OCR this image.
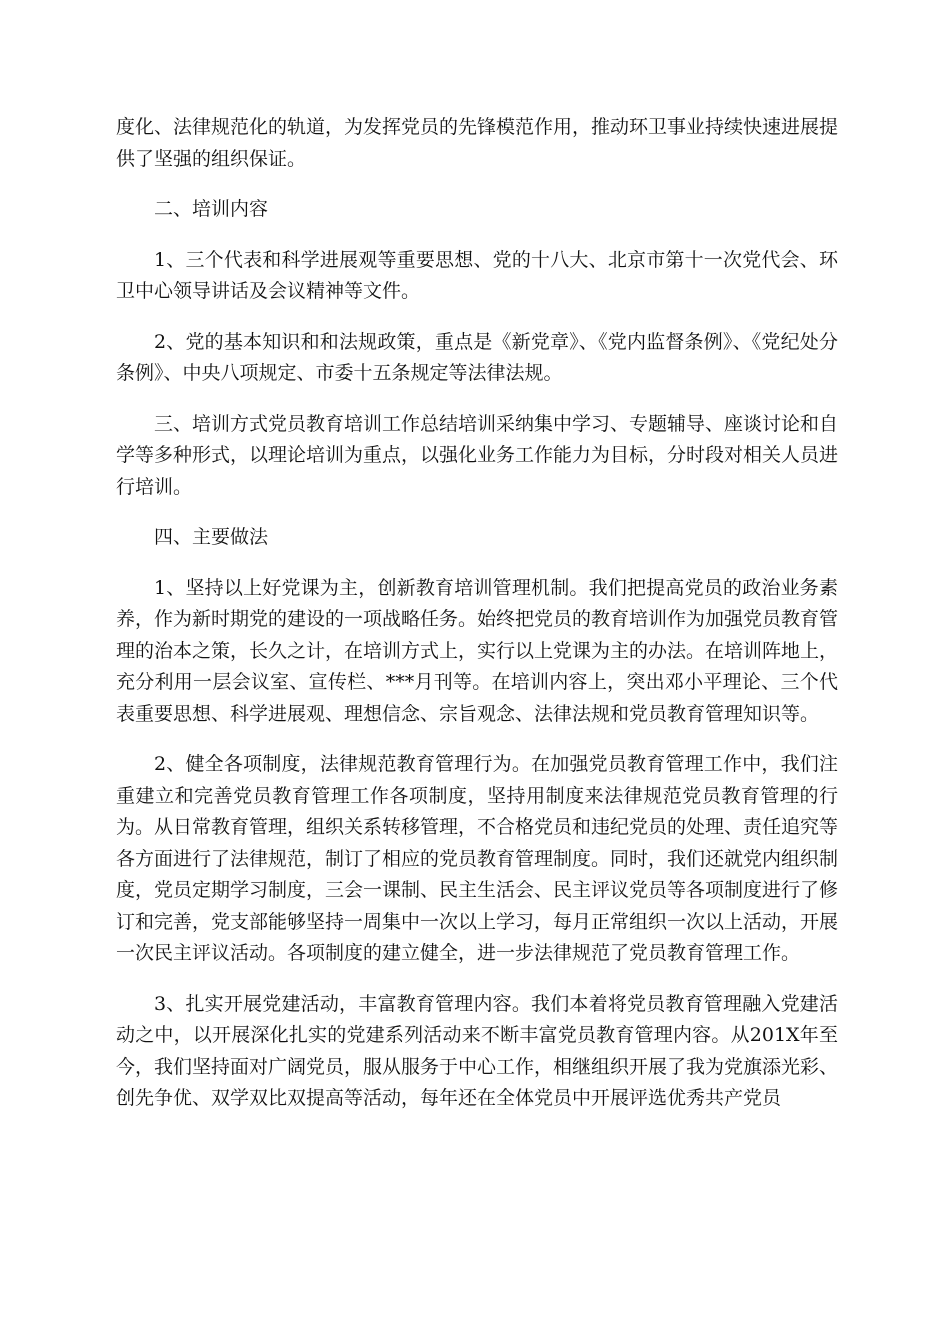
度化、法律规范化的轨道，为发挥党员的先锋模范作用，推动环卫事业持续快速进展提供了坚强的组织保证。

二、培训内容

1、三个代表和科学进展观等重要思想、党的十八大、北京市第十一次党代会、环卫中心领导讲话及会议精神等文件。

2、党的基本知识和和法规政策，重点是《新党章》、《党内监督条例》、《党纪处分条例》、中央八项规定、市委十五条规定等法律法规。

三、培训方式党员教育培训工作总结培训采纳集中学习、专题辅导、座谈讨论和自学等多种形式，以理论培训为重点，以强化业务工作能力为目标，分时段对相关人员进行培训。

四、主要做法

1、坚持以上好党课为主，创新教育培训管理机制。我们把提高党员的政治业务素养，作为新时期党的建设的一项战略任务。始终把党员的教育培训作为加强党员教育管理的治本之策，长久之计，在培训方式上，实行以上党课为主的办法。在培训阵地上，充分利用一层会议室、宣传栏、***月刊等。在培训内容上，突出邓小平理论、三个代表重要思想、科学进展观、理想信念、宗旨观念、法律法规和党员教育管理知识等。

2、健全各项制度，法律规范教育管理行为。在加强党员教育管理工作中，我们注重建立和完善党员教育管理工作各项制度，坚持用制度来法律规范党员教育管理的行为。从日常教育管理，组织关系转移管理，不合格党员和违纪党员的处理、责任追究等各方面进行了法律规范，制订了相应的党员教育管理制度。同时，我们还就党内组织制度，党员定期学习制度，三会一课制、民主生活会、民主评议党员等各项制度进行了修订和完善，党支部能够坚持一周集中一次以上学习，每月正常组织一次以上活动，开展一次民主评议活动。各项制度的建立健全，进一步法律规范了党员教育管理工作。

3、扎实开展党建活动，丰富教育管理内容。我们本着将党员教育管理融入党建活动之中，以开展深化扎实的党建系列活动来不断丰富党员教育管理内容。从201X年至今，我们坚持面对广阔党员，服从服务于中心工作，相继组织开展了我为党旗添光彩、创先争优、双学双比双提高等活动，每年还在全体党员中开展评选优秀共产党员
